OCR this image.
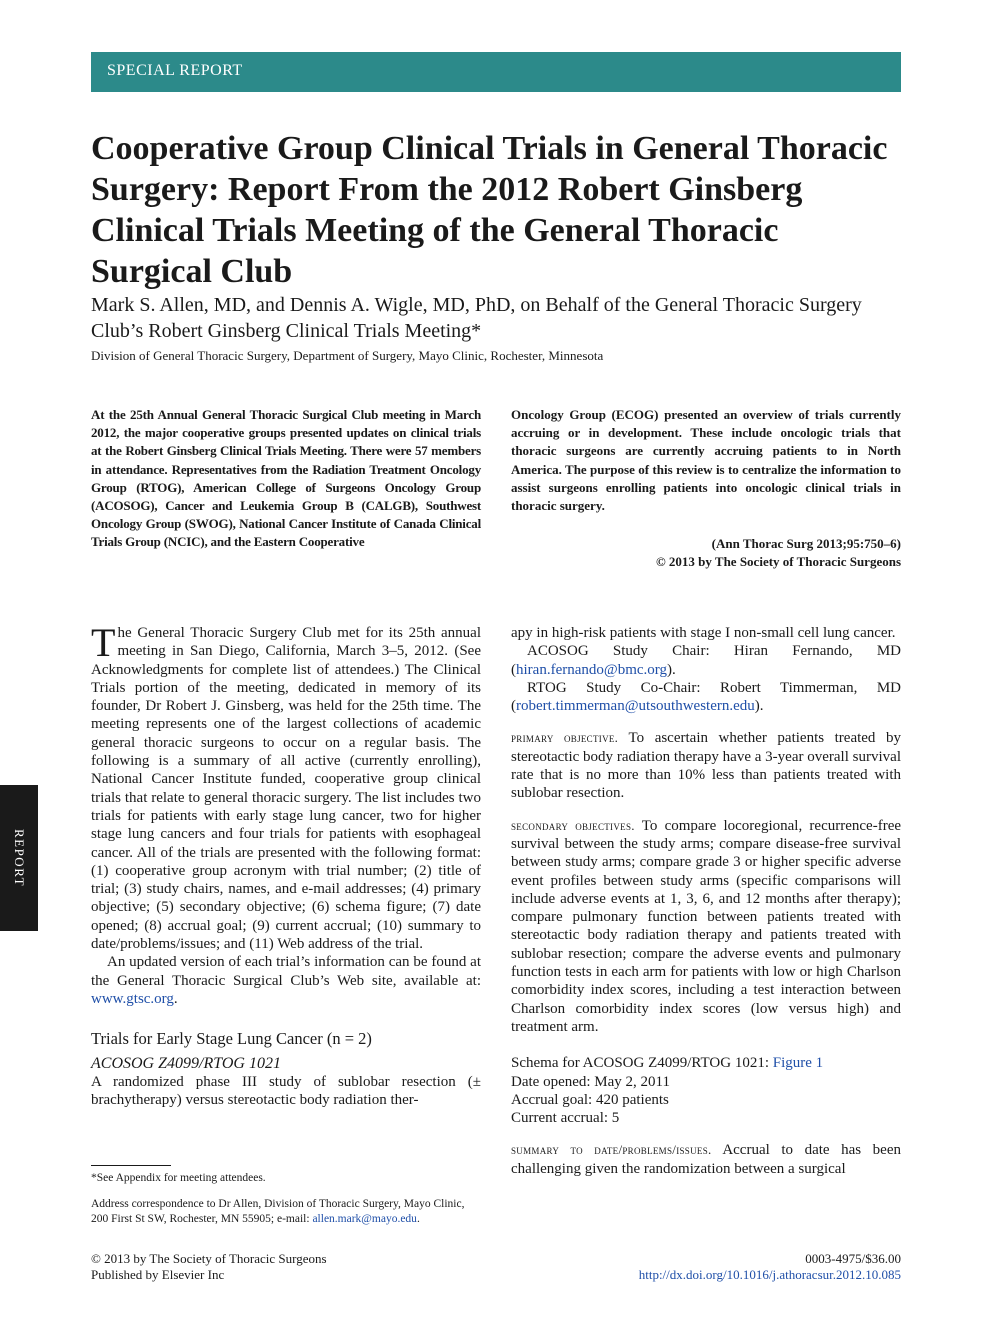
SPECIAL REPORT
Cooperative Group Clinical Trials in General Thoracic Surgery: Report From the 2012 Robert Ginsberg Clinical Trials Meeting of the General Thoracic Surgical Club
Mark S. Allen, MD, and Dennis A. Wigle, MD, PhD, on Behalf of the General Thoracic Surgery Club’s Robert Ginsberg Clinical Trials Meeting*
Division of General Thoracic Surgery, Department of Surgery, Mayo Clinic, Rochester, Minnesota

At the 25th Annual General Thoracic Surgical Club meeting in March 2012, the major cooperative groups presented updates on clinical trials at the Robert Ginsberg Clinical Trials Meeting. There were 57 members in attendance. Representatives from the Radiation Treatment Oncology Group (RTOG), American College of Surgeons Oncology Group (ACOSOG), Cancer and Leukemia Group B (CALGB), Southwest Oncology Group (SWOG), National Cancer Institute of Canada Clinical Trials Group (NCIC), and the Eastern Cooperative

Oncology Group (ECOG) presented an overview of trials currently accruing or in development. These include oncologic trials that thoracic surgeons are currently accruing patients to in North America. The purpose of this review is to centralize the information to assist surgeons enrolling patients into oncologic clinical trials in thoracic surgery.

(Ann Thorac Surg 2013;95:750–6)
© 2013 by The Society of Thoracic Surgeons

The General Thoracic Surgery Club met for its 25th annual meeting in San Diego, California, March 3–5, 2012. (See Acknowledgments for complete list of attendees.) The Clinical Trials portion of the meeting, dedicated in memory of its founder, Dr Robert J. Ginsberg, was held for the 25th time. The meeting represents one of the largest collections of academic general thoracic surgeons to occur on a regular basis. The following is a summary of all active (currently enrolling), National Cancer Institute funded, cooperative group clinical trials that relate to general thoracic surgery. The list includes two trials for patients with early stage lung cancer, two for higher stage lung cancers and four trials for patients with esophageal cancer. All of the trials are presented with the following format: (1) cooperative group acronym with trial number; (2) title of trial; (3) study chairs, names, and e-mail addresses; (4) primary objective; (5) secondary objective; (6) schema figure; (7) date opened; (8) accrual goal; (9) current accrual; (10) summary to date/problems/issues; and (11) Web address of the trial.

An updated version of each trial’s information can be found at the General Thoracic Surgical Club’s Web site, available at: www.gtsc.org.

Trials for Early Stage Lung Cancer (n = 2)

ACOSOG Z4099/RTOG 1021

A randomized phase III study of sublobar resection (± brachytherapy) versus stereotactic body radiation ther-

apy in high-risk patients with stage I non-small cell lung cancer.

ACOSOG Study Chair: Hiran Fernando, MD (hiran.fernando@bmc.org).

RTOG Study Co-Chair: Robert Timmerman, MD (robert.timmerman@utsouthwestern.edu).

primary objective. To ascertain whether patients treated by stereotactic body radiation therapy have a 3-year overall survival rate that is no more than 10% less than patients treated with sublobar resection.

secondary objectives. To compare locoregional, recurrence-free survival between the study arms; compare disease-free survival between study arms; compare grade 3 or higher specific adverse event profiles between study arms (specific comparisons will include adverse events at 1, 3, 6, and 12 months after therapy); compare pulmonary function between patients treated with stereotactic body radiation therapy and patients treated with sublobar resection; compare the adverse events and pulmonary function tests in each arm for patients with low or high Charlson comorbidity index scores, including a test interaction between Charlson comorbidity index scores (low versus high) and treatment arm.

Schema for ACOSOG Z4099/RTOG 1021: Figure 1

Date opened: May 2, 2011

Accrual goal: 420 patients

Current accrual: 5

summary to date/problems/issues. Accrual to date has been challenging given the randomization between a surgical

*See Appendix for meeting attendees.
Address correspondence to Dr Allen, Division of Thoracic Surgery, Mayo Clinic, 200 First St SW, Rochester, MN 55905; e-mail: allen.mark@mayo.edu.
© 2013 by The Society of Thoracic Surgeons
Published by Elsevier Inc
0003-4975/$36.00
http://dx.doi.org/10.1016/j.athoracsur.2012.10.085
REPORT
